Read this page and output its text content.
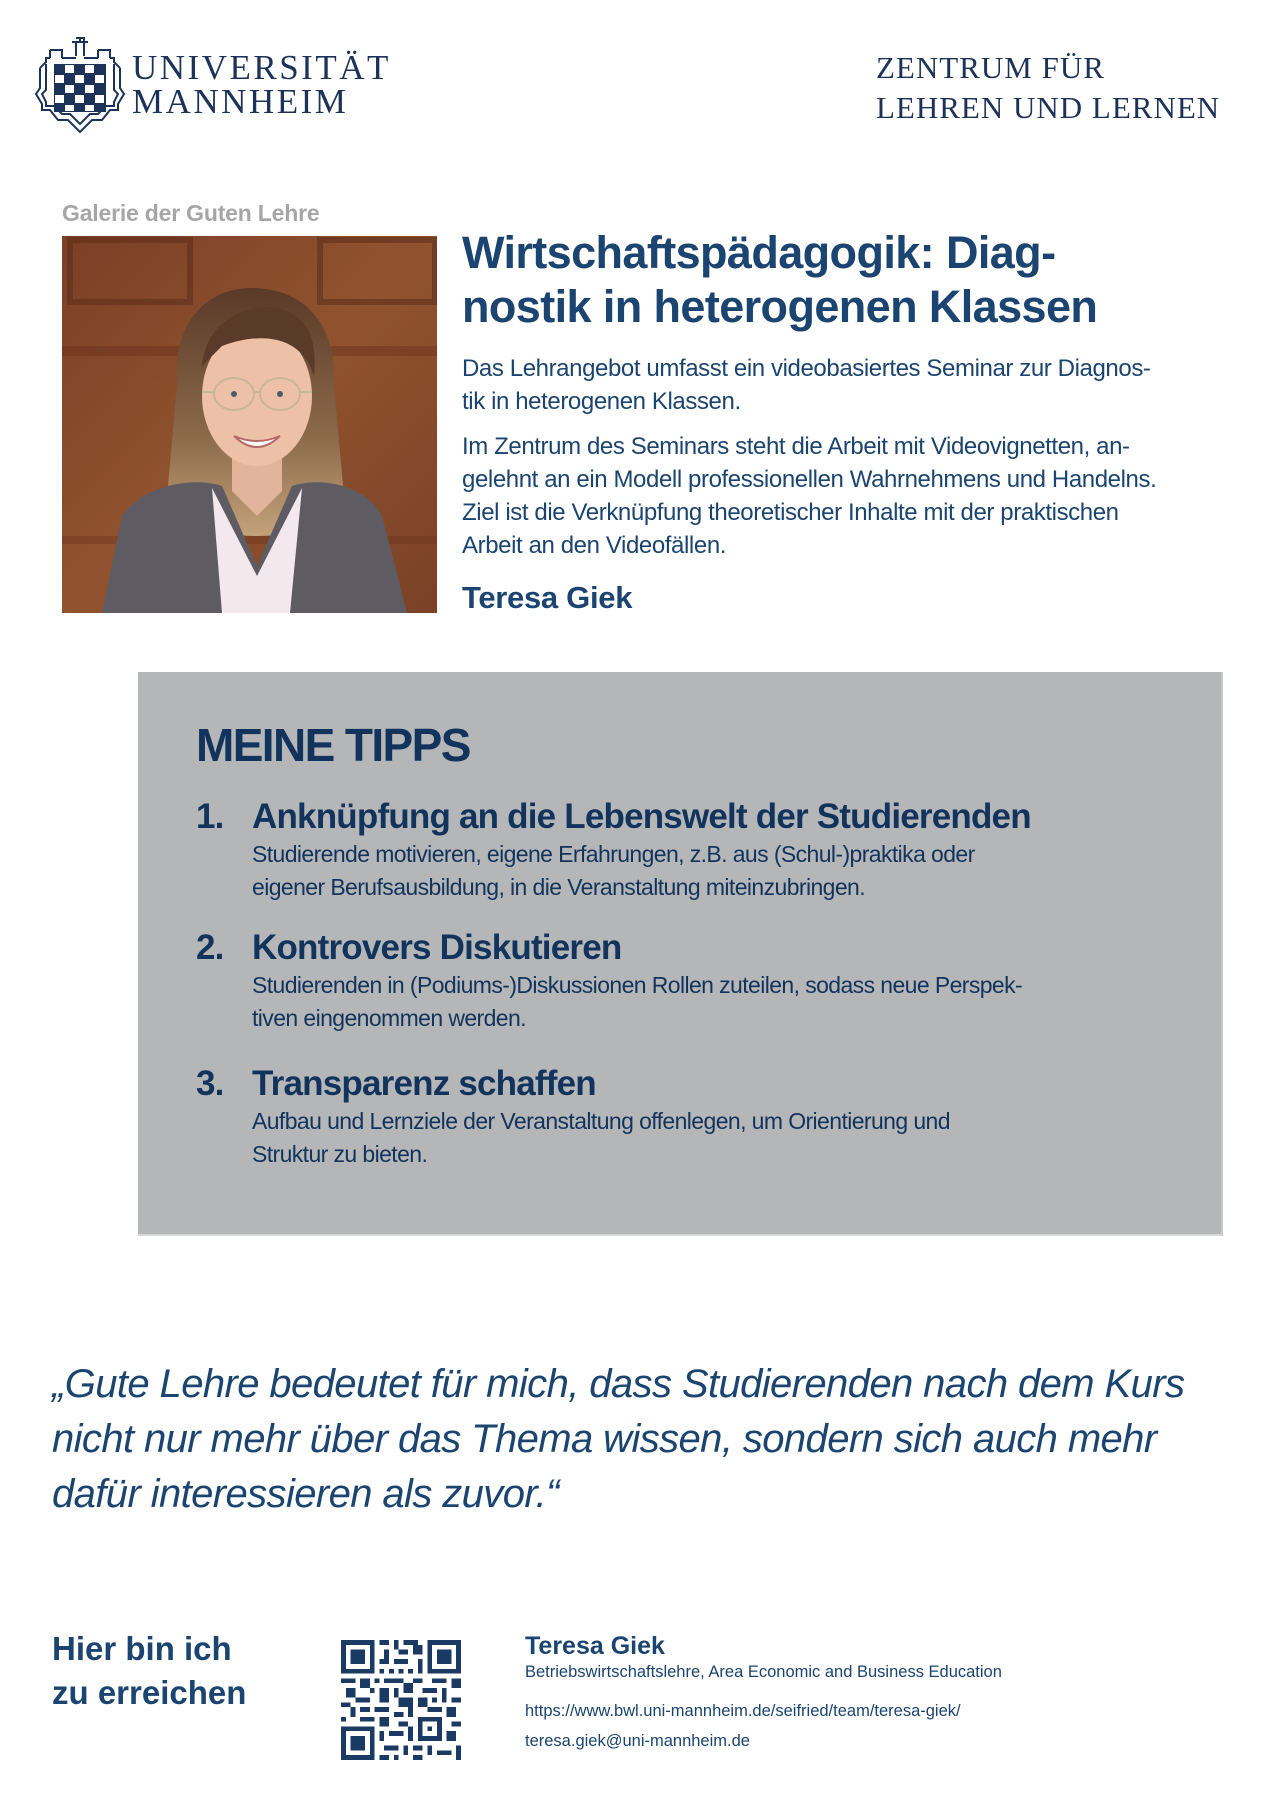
UNIVERSITÄT
MANNHEIM
ZENTRUM FÜR
LEHREN UND LERNEN
Galerie der Guten Lehre
Wirtschaftspädagogik: Diag-
nostik in heterogenen Klassen
Das Lehrangebot umfasst ein videobasiertes Seminar zur Diagnos-
tik in heterogenen Klassen.
Im Zentrum des Seminars steht die Arbeit mit Videovignetten, an-
gelehnt an ein Modell professionellen Wahrnehmens und Handelns.
Ziel ist die Verknüpfung theoretischer Inhalte mit der praktischen
Arbeit an den Videofällen.
Teresa Giek
MEINE TIPPS
1. Anknüpfung an die Lebenswelt der Studierenden
Studierende motivieren, eigene Erfahrungen, z.B. aus (Schul-)praktika oder
eigener Berufsausbildung, in die Veranstaltung miteinzubringen.
2. Kontrovers Diskutieren
Studierenden in (Podiums-)Diskussionen Rollen zuteilen, sodass neue Perspek-
tiven eingenommen werden.
3. Transparenz schaffen
Aufbau und Lernziele der Veranstaltung offenlegen, um Orientierung und
Struktur zu bieten.
„Gute Lehre bedeutet für mich, dass Studierenden nach dem Kurs
nicht nur mehr über das Thema wissen, sondern sich auch mehr
dafür interessieren als zuvor.“
Hier bin ich
zu erreichen
Teresa Giek
Betriebswirtschaftslehre, Area Economic and Business Education
https://www.bwl.uni-mannheim.de/seifried/team/teresa-giek/
teresa.giek@uni-mannheim.de
